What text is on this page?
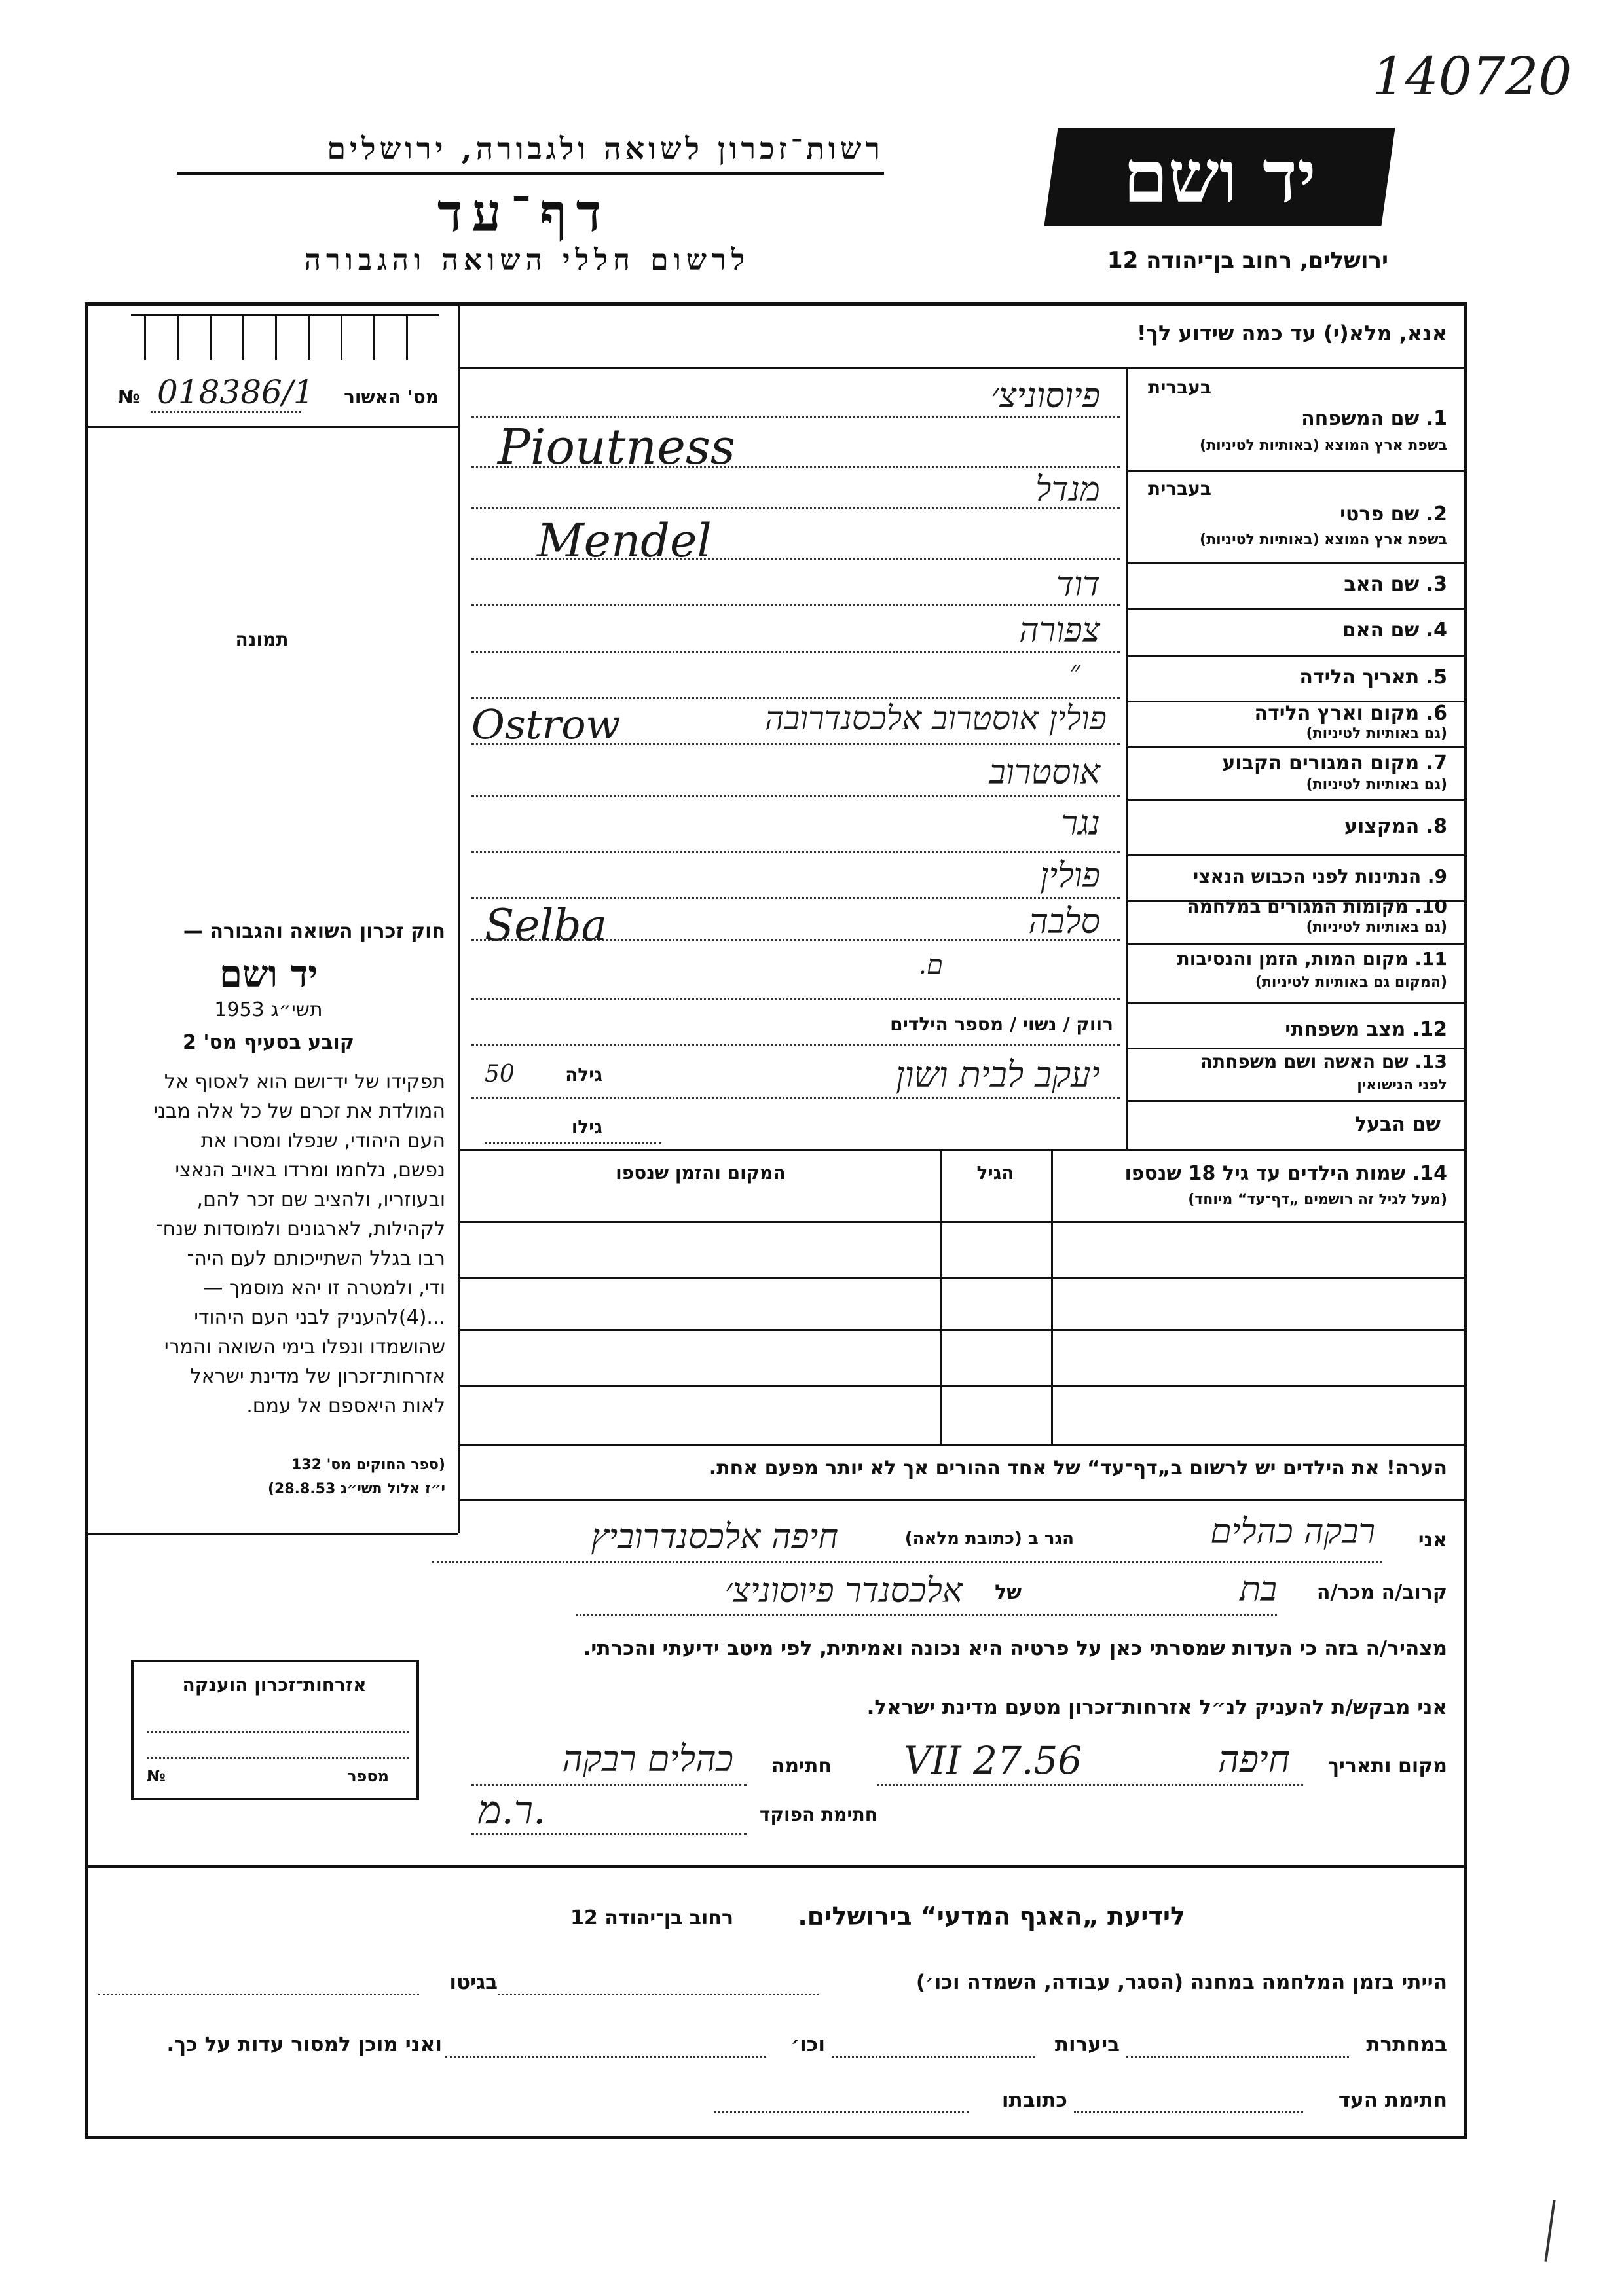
140720
רשות־זכרון לשואה ולגבורה, ירושלים
דף־עד
לרשום חללי השואה והגבורה
יד ושם
ירושלים, רחוב בן־יהודה 12
מס' האשור
№ 018386/1
תמונה
חוק זכרון השואה והגבורה —
יד ושם
תשי״ג 1953
קובע בסעיף מס' 2
תפקידו של יד־ושם הוא לאסוף אל
המולדת את זכרם של כל אלה מבני
העם היהודי, שנפלו ומסרו את
נפשם, נלחמו ומרדו באויב הנאצי
ובעוזריו, ולהציב שם זכר להם,
לקהילות, לארגונים ולמוסדות שנח־
רבו בגלל השתייכותם לעם היה־
ודי, ולמטרה זו יהא מוסמך —
...(4)להעניק לבני העם היהודי
שהושמדו ונפלו בימי השואה והמרי
אזרחות־זכרון של מדינת ישראל
לאות היאספם אל עמם.
(ספר החוקים מס' 132
י״ז אלול תשי״ג 28.8.53)
אנא, מלא(י) עד כמה שידוע לך!
בעברית
1. שם המשפחה
בשפת ארץ המוצא (באותיות לטיניות)
בעברית
2. שם פרטי
בשפת ארץ המוצא (באותיות לטיניות)
3. שם האב
4. שם האם
5. תאריך הלידה
6. מקום וארץ הלידה
(גם באותיות לטיניות)
7. מקום המגורים הקבוע
(גם באותיות לטיניות)
8. המקצוע
9. הנתינות לפני הכבוש הנאצי
10. מקומות המגורים במלחמה
(גם באותיות לטיניות)
11. מקום המות, הזמן והנסיבות
(המקום גם באותיות לטיניות)
12. מצב משפחתי
13. שם האשה ושם משפחתה
לפני הנישואין
שם הבעל
פיוסוניצ׳
Pioutness
מנדל
Mendel
דוד
צפורה
״
Ostrow	פולין אוסטרוב אלכסנדרובה
אוסטרוב
נגר
פולין
Selba	סלבה
ם.
רווק / נשוי / מספר הילדים
יעקב לבית ושון
גילה
50
גילו
14. שמות הילדים עד גיל 18 שנספו
(מעל לגיל זה רושמים „דף־עד“ מיוחד)
הגיל
המקום והזמן שנספו
הערה! את הילדים יש לרשום ב„דף־עד“ של אחד ההורים אך לא יותר מפעם אחת.
אני
רבקה כהלים
הגר ב (כתובת מלאה)
חיפה אלכסנדרוביץ
קרוב/ה מכר/ה
בת
של
אלכסנדר פיוסוניצ׳
מצהיר/ה בזה כי העדות שמסרתי כאן על פרטיה היא נכונה ואמיתית, לפי מיטב ידיעתי והכרתי.
אני מבקש/ת להעניק לנ״ל אזרחות־זכרון מטעם מדינת ישראל.
מקום ותאריך
חיפה
VII 27.56
חתימה
כהלים רבקה
חתימת הפוקד
ר.מ.
אזרחות־זכרון הוענקה
מספר
№
לידיעת „האגף המדעי“ בירושלים.
רחוב בן־יהודה 12
הייתי בזמן המלחמה במחנה (הסגר, עבודה, השמדה וכו׳)
בגיטו
במחתרת
ביערות
וכו׳
ואני מוכן למסור עדות על כך.
חתימת העד
כתובתו
